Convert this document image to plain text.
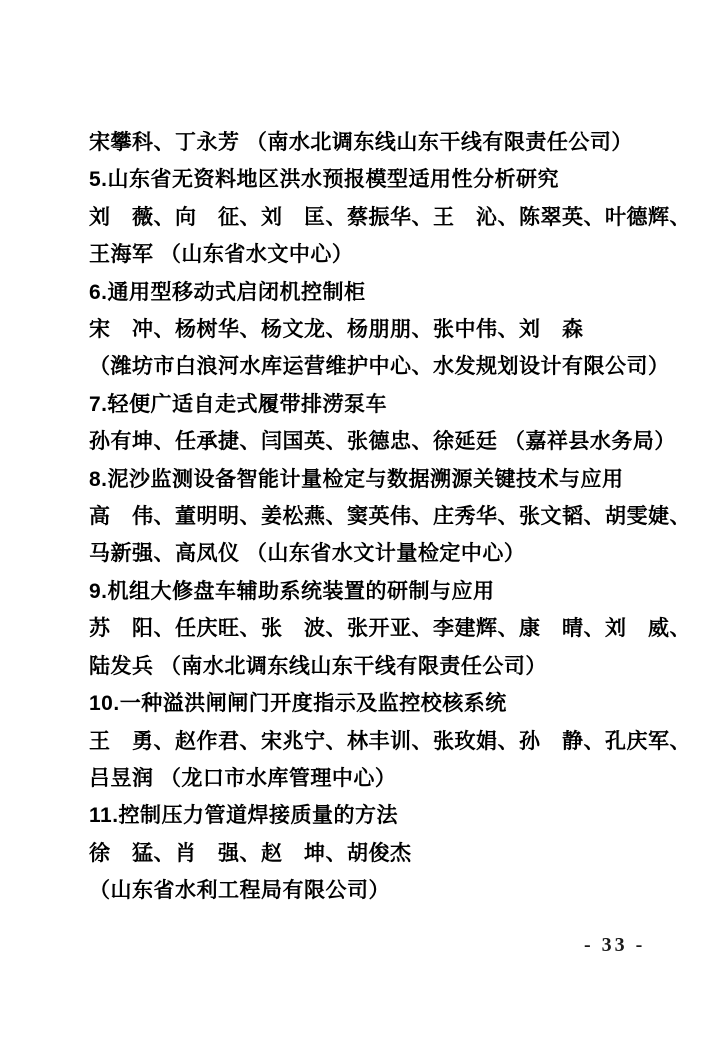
宋攀科、丁永芳 （南水北调东线山东干线有限责任公司）

5.山东省无资料地区洪水预报模型适用性分析研究

刘　薇、向　征、刘　匡、蔡振华、王　沁、陈翠英、叶德辉、

王海军 （山东省水文中心）

6.通用型移动式启闭机控制柜

宋　冲、杨树华、杨文龙、杨朋朋、张中伟、刘　森

（潍坊市白浪河水库运营维护中心、水发规划设计有限公司）

7.轻便广适自走式履带排涝泵车

孙有坤、任承捷、闫国英、张德忠、徐延廷 （嘉祥县水务局）

8.泥沙监测设备智能计量检定与数据溯源关键技术与应用

高　伟、董明明、姜松燕、窦英伟、庄秀华、张文韬、胡雯婕、

马新强、高凤仪 （山东省水文计量检定中心）

9.机组大修盘车辅助系统装置的研制与应用

苏　阳、任庆旺、张　波、张开亚、李建辉、康　晴、刘　威、

陆发兵 （南水北调东线山东干线有限责任公司）

10.一种溢洪闸闸门开度指示及监控校核系统

王　勇、赵作君、宋兆宁、林丰训、张玫娟、孙　静、孔庆军、

吕昱润 （龙口市水库管理中心）

11.控制压力管道焊接质量的方法

徐　猛、肖　强、赵　坤、胡俊杰

（山东省水利工程局有限公司）

- 33 -
